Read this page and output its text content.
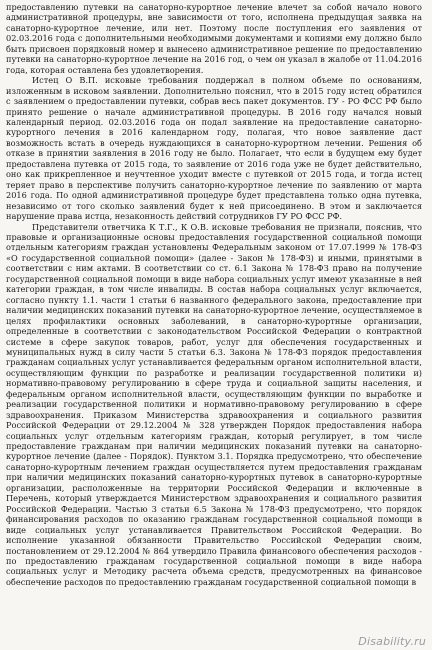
предоставлению путевки на санаторно-курортное лечение влечет за собой начало нового административной процедуры, вне зависимости от того, исполнена предыдущая заявка на санаторно-курортное лечение, или нет. Поэтому после поступления его заявления от 02.03.2016 года с дополнительными необходимыми документами и копиями ему должно было быть присвоен порядковый номер и вынесено административное решение по предоставлению путевки на санаторно-курортное лечение на 2016 год, о чем он указал в жалобе от 11.04.2016 года, которая оставлена без удовлетворения.

Истец О В.П. исковые требования поддержал в полном объеме по основаниям, изложенным в исковом заявлении. Дополнительно пояснил, что в 2015 году истец обратился с заявлением о предоставлении путевки, собрав весь пакет документов. ГУ - РО ФСС РФ было принято решение о начале административной процедуры. В 2016 году начался новый календарный период. 02.03.2016 года он подал заявление на предоставление санаторно-курортного лечения в 2016 календарном году, полагая, что новое заявление даст возможность встать в очередь нуждающихся в санаторно-курортном лечении. Решения об отказе в принятии заявления в 2016 году не было. Полагает, что если в будущем ему будет предоставлена путевка от 2015 года, то заявление от 2016 года уже не будет действительно, оно как прикрепленное и неучтенное уходит вместе с путевкой от 2015 года, и тогда истец теряет право в перспективе получить санаторно-курортное лечение по заявлению от марта 2016 года. По одной административной процедуре будет представлена только одна путевка, независимо от того сколько заявлений будет к ней присоединено. В этом и заключается нарушение права истца, незаконность действий сотрудников ГУ РО ФСС РФ.

Представители ответчика К Т.Г., К О.В. исковые требования не признали, пояснив, что правовые и организационные основы предоставления государственной социальной помощи отдельным категориям граждан установлены Федеральным законом от 17.07.1999 № 178-ФЗ «О государственной социальной помощи» (далее - Закон № 178-ФЗ) и иными, принятыми в соответствии с ним актами. В соответствии со ст. 6.1 Закона № 178-ФЗ право на получение государственной социальной помощи в виде набора социальных услуг имеют указанные в ней категории граждан, в том числе инвалиды. В состав набора социальных услуг включается, согласно пункту 1.1. части 1 статьи 6 названного федерального закона, предоставление при наличии медицинских показаний путевки на санаторно-курортное лечение, осуществляемое в целях профилактики основных заболеваний, в санаторно-курортные организации, определенные в соответствии с законодательством Российской Федерации о контрактной системе в сфере закупок товаров, работ, услуг для обеспечения государственных и муниципальных нужд в силу части 5 статьи 6.3. Закона № 178-ФЗ порядок предоставления гражданам социальных услуг устанавливается федеральным органом исполнительной власти, осуществляющим функции по разработке и реализации государственной политики и) нормативно-правовому регулированию в сфере труда и социальной защиты населения, и федеральным органом исполнительной власти, осуществляющим функции по выработке и реализации государственной политики и нормативно-правовому регулированию в сфере здравоохранения. Приказом Министерства здравоохранения и социального развития Российской Федерации от 29.12.2004 № 328 утвержден Порядок предоставления набора социальных услуг отдельным категориям граждан, который регулирует, в том числе предоставление гражданам при наличии медицинских показаний путевки на санаторно-курортное лечение (далее - Порядок). Пунктом 3.1. Порядка предусмотрено, что обеспечение санаторно-курортным лечением граждан осуществляется путем предоставления гражданам при наличии медицинских показаний санаторно-курортных путевок в санаторно-курортные организации, расположенные на территории Российской Федерации и включенные в Перечень, который утверждается Министерством здравоохранения и социального развития Российской Федерации. Частью 3 статьи 6.5 Закона № 178-ФЗ предусмотрено, что порядок финансирования расходов по оказанию гражданам государственной социальной помощи в виде социальных услуг устанавливается Правительством Российской Федерации. Во исполнение указанной обязанности Правительство Российской Федерации своим, постановлением от 29.12.2004 № 864 утвердило Правила финансового обеспечения расходов - по предоставлению гражданам государственной социальной помощи в виде набора социальных услуг и Методику расчета объема средств, предусмотренных на финансовое обеспечение расходов по предоставлению гражданам государственной социальной помощи в

Disability.ru
